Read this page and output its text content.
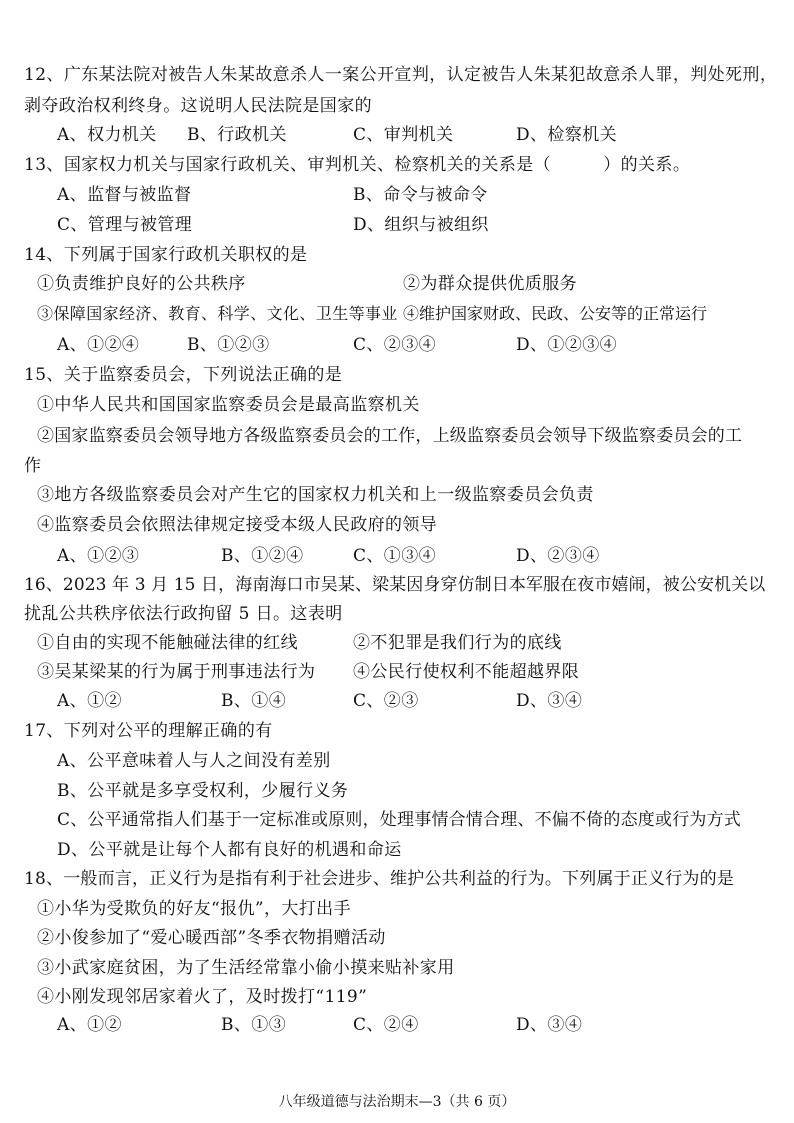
12、广东某法院对被告人朱某故意杀人一案公开宣判，认定被告人朱某犯故意杀人罪，判处死刑，
剥夺政治权利终身。这说明人民法院是国家的
A、权力机关 B、行政机关	C、审判机关	D、检察机关
13、国家权力机关与国家行政机关、审判机关、检察机关的关系是（　　　）的关系。
A、监督与被监督	B、命令与被命令
C、管理与被管理	D、组织与被组织
14、下列属于国家行政机关职权的是
①负责维护良好的公共秩序	②为群众提供优质服务
③保障国家经济、教育、科学、文化、卫生等事业 ④维护国家财政、民政、公安等的正常运行
A、①②④	B、①②③	C、②③④	D、①②③④
15、关于监察委员会，下列说法正确的是
①中华人民共和国国家监察委员会是最高监察机关
②国家监察委员会领导地方各级监察委员会的工作，上级监察委员会领导下级监察委员会的工
作
③地方各级监察委员会对产生它的国家权力机关和上一级监察委员会负责
④监察委员会依照法律规定接受本级人民政府的领导
A、①②③	B、①②④	C、①③④	D、②③④
16、2023 年 3 月 15 日，海南海口市吴某、梁某因身穿仿制日本军服在夜市嬉闹，被公安机关以
扰乱公共秩序依法行政拘留 5 日。这表明
①自由的实现不能触碰法律的红线	②不犯罪是我们行为的底线
③吴某梁某的行为属于刑事违法行为 ④公民行使权利不能超越界限
A、①②	B、①④	C、②③	D、③④
17、下列对公平的理解正确的有
A、公平意味着人与人之间没有差别
B、公平就是多享受权利，少履行义务
C、公平通常指人们基于一定标准或原则，处理事情合情合理、不偏不倚的态度或行为方式
D、公平就是让每个人都有良好的机遇和命运
18、一般而言，正义行为是指有利于社会进步、维护公共利益的行为。下列属于正义行为的是
①小华为受欺负的好友“报仇”，大打出手
②小俊参加了“爱心暖西部”冬季衣物捐赠活动
③小武家庭贫困，为了生活经常靠小偷小摸来贴补家用
④小刚发现邻居家着火了，及时拨打“119”
A、①②	B、①③	C、②④	D、③④
八年级道德与法治期末—3（共 6 页）
